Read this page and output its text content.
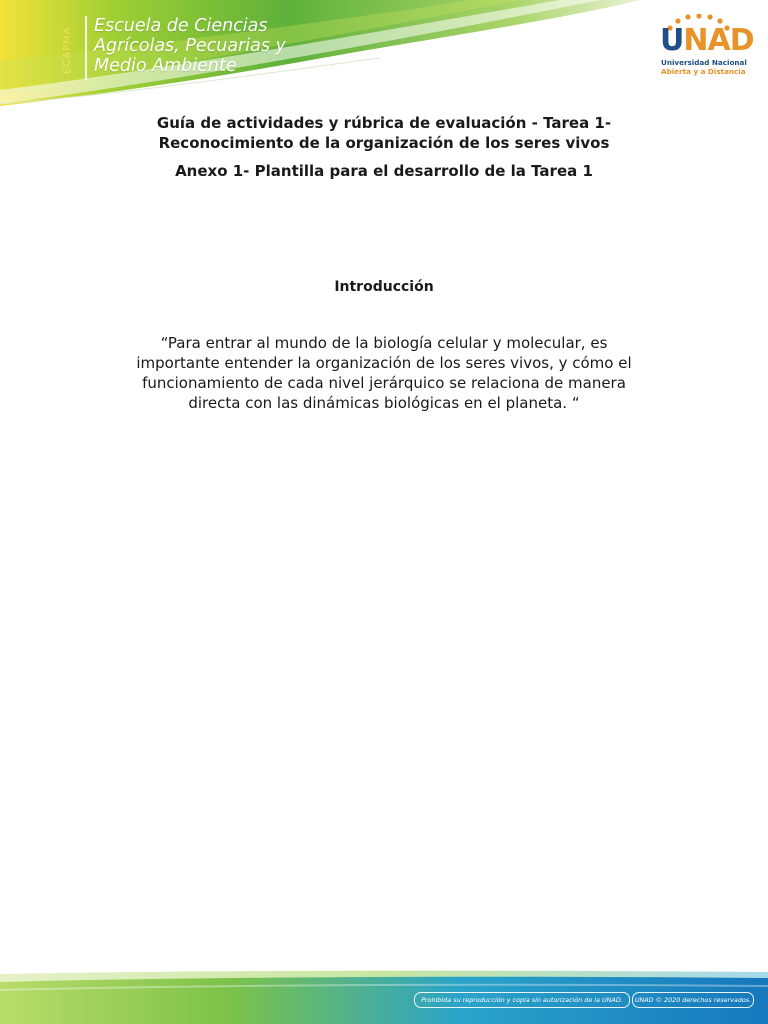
ECAPMA
Escuela de Ciencias
Agrícolas, Pecuarias y
Medio Ambiente
UNAD
Universidad Nacional
Abierta y a Distancia
Guía de actividades y rúbrica de evaluación - Tarea 1-
Reconocimiento de la organización de los seres vivos
Anexo 1- Plantilla para el desarrollo de la Tarea 1
Introducción

“Para entrar al mundo de la biología celular y molecular, es
importante entender la organización de los seres vivos, y cómo el
funcionamiento de cada nivel jerárquico se relaciona de manera
directa con las dinámicas biológicas en el planeta. “

Prohibida su reproducción y copia sin autorización de la UNAD.	UNAD © 2020 derechos reservados.
